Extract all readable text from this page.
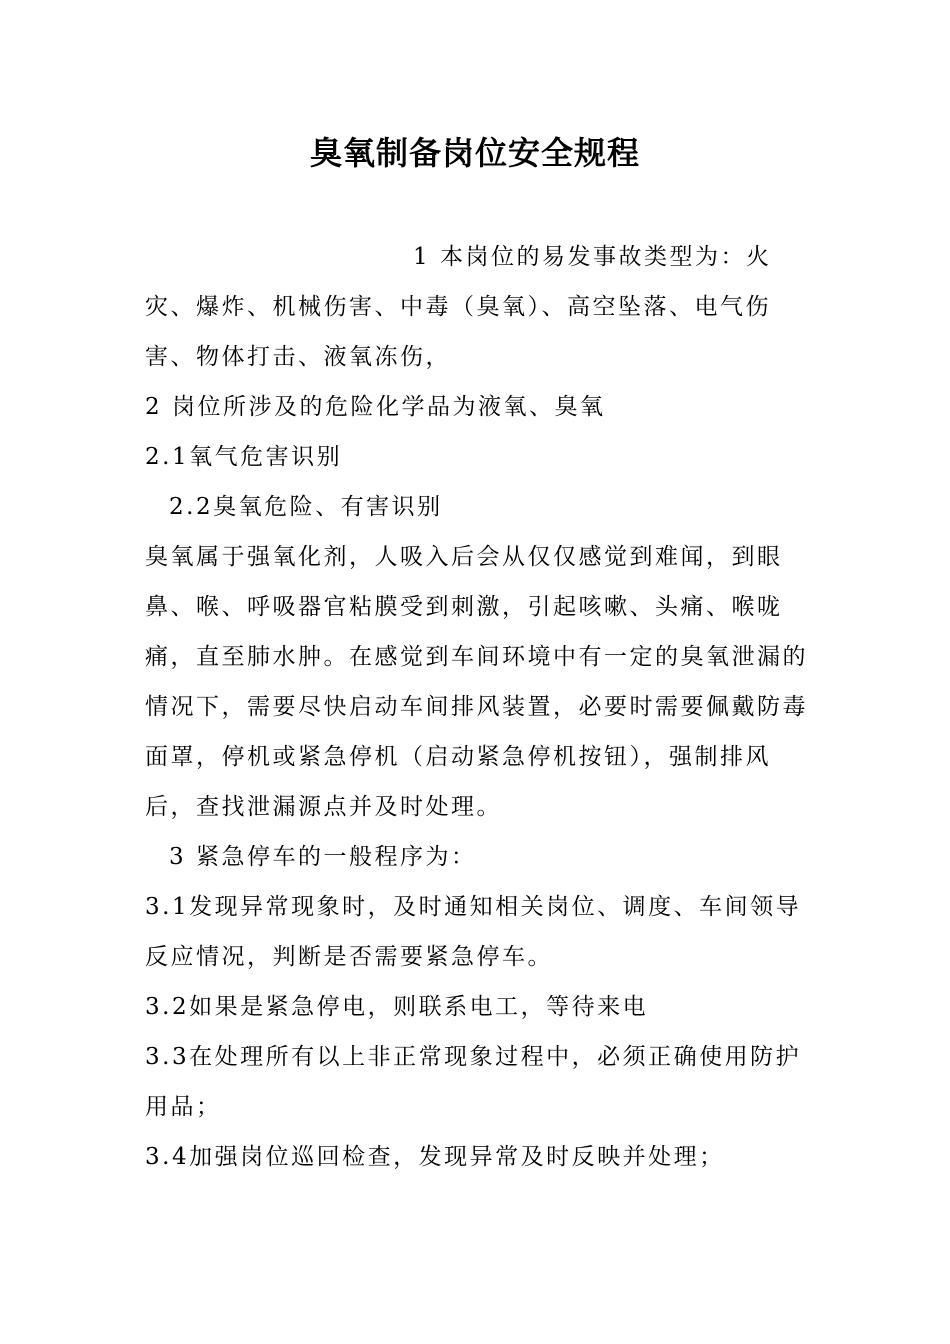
臭氧制备岗位安全规程

1 本岗位的易发事故类型为：火灾、爆炸、机械伤害、中毒（臭氧）、高空坠落、电气伤害、物体打击、液氧冻伤，

2 岗位所涉及的危险化学品为液氧、臭氧

2.1氧气危害识别

2.2臭氧危险、有害识别

臭氧属于强氧化剂，人吸入后会从仅仅感觉到难闻，到眼鼻、喉、呼吸器官粘膜受到刺激，引起咳嗽、头痛、喉咙痛，直至肺水肿。在感觉到车间环境中有一定的臭氧泄漏的情况下，需要尽快启动车间排风装置，必要时需要佩戴防毒面罩，停机或紧急停机（启动紧急停机按钮），强制排风后，查找泄漏源点并及时处理。

3 紧急停车的一般程序为：

3.1发现异常现象时，及时通知相关岗位、调度、车间领导反应情况，判断是否需要紧急停车。

3.2如果是紧急停电，则联系电工，等待来电

3.3在处理所有以上非正常现象过程中，必须正确使用防护用品；

3.4加强岗位巡回检查，发现异常及时反映并处理；
